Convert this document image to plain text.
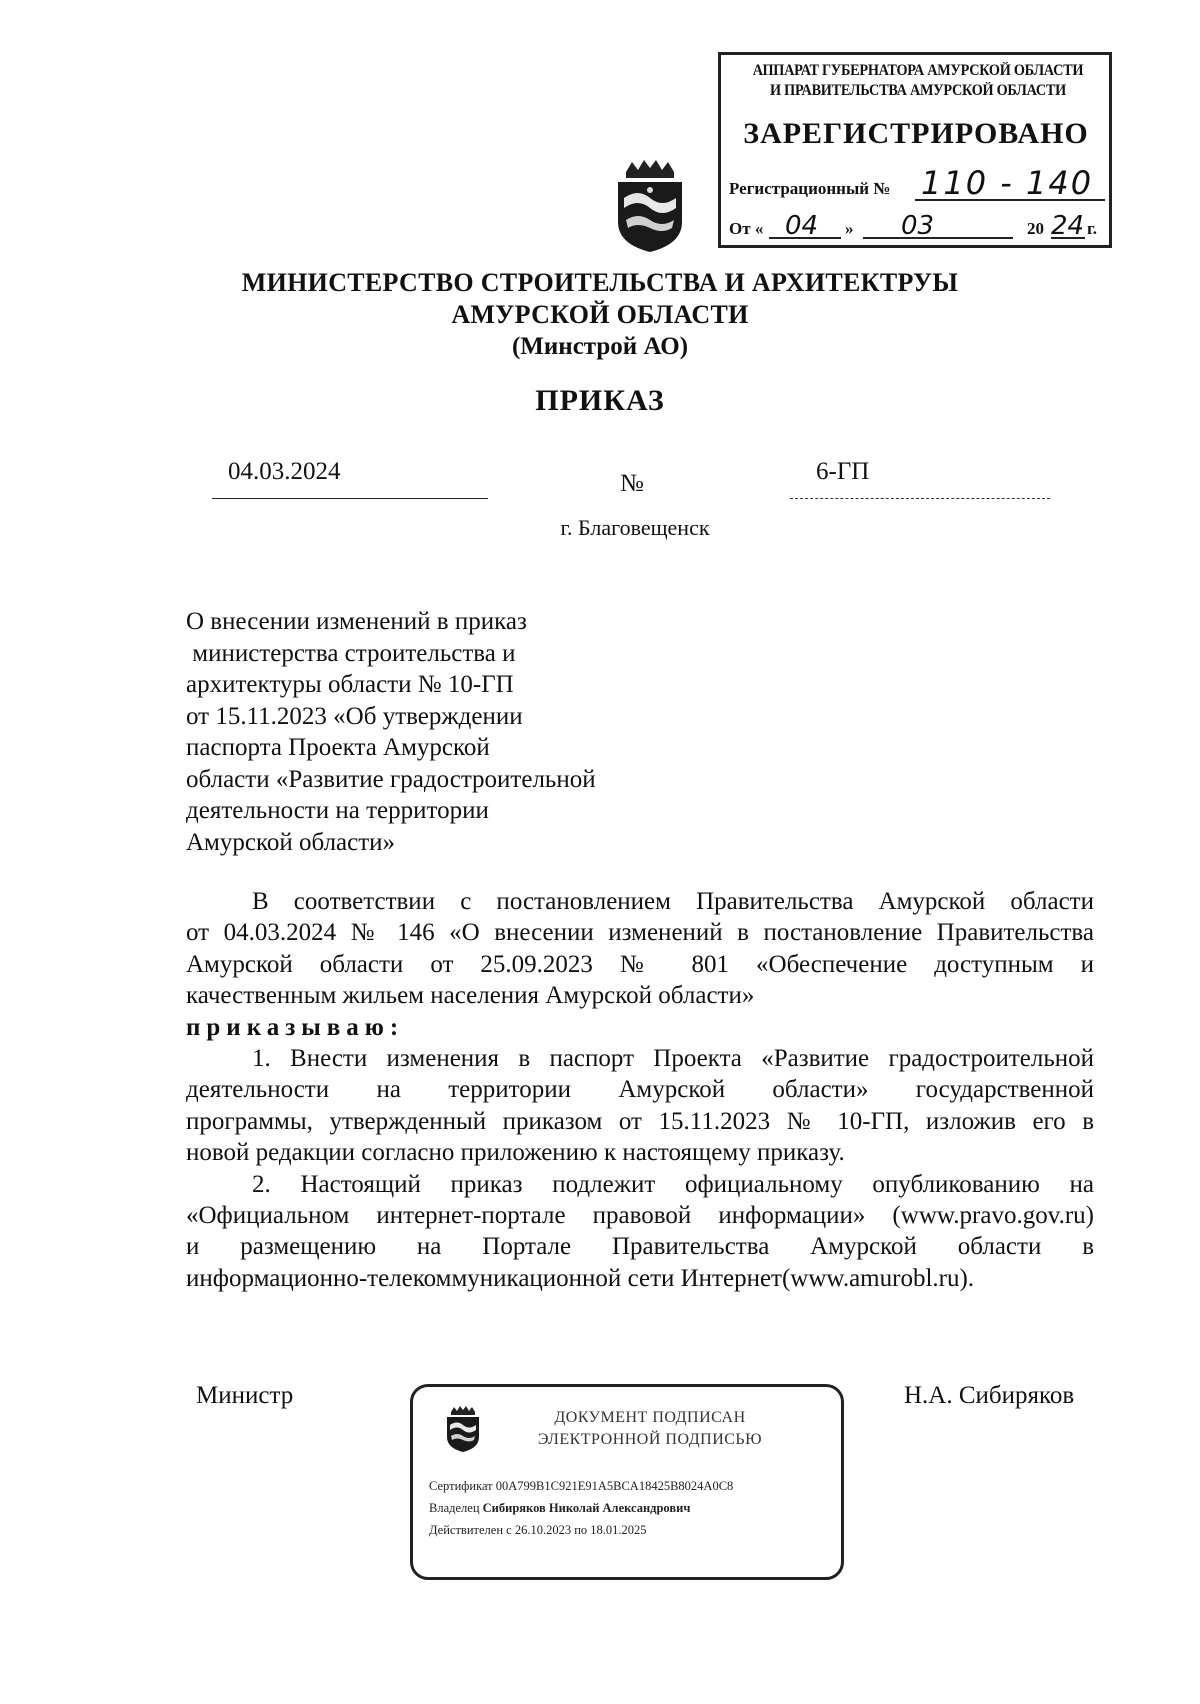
АППАРАТ ГУБЕРНАТОРА АМУРСКОЙ ОБЛАСТИ
И ПРАВИТЕЛЬСТВА АМУРСКОЙ ОБЛАСТИ
ЗАРЕГИСТРИРОВАНО
Регистрационный № 110 - 140
От « 04 » 03	20 24 г.
МИНИСТЕРСТВО СТРОИТЕЛЬСТВА И АРХИТЕКТРУЫ
АМУРСКОЙ ОБЛАСТИ
(Минстрой АО)
ПРИКАЗ
04.03.2024	№	6-ГП
г. Благовещенск
О внесении изменений в приказ
министерства строительства и
архитектуры области № 10-ГП
от 15.11.2023 «Об утверждении
паспорта Проекта Амурской
области «Развитие градостроительной
деятельности на территории
Амурской области»
В соответствии с постановлением Правительства Амурской области
от 04.03.2024 № 146 «О внесении изменений в постановление Правительства
Амурской области от 25.09.2023 № 801 «Обеспечение доступным и
качественным жильем населения Амурской области»
приказываю:
1. Внести изменения в паспорт Проекта «Развитие градостроительной
деятельности на территории Амурской области» государственной
программы, утвержденный приказом от 15.11.2023 № 10-ГП, изложив его в
новой редакции согласно приложению к настоящему приказу.
2. Настоящий приказ подлежит официальному опубликованию на
«Официальном интернет-портале правовой информации» (www.pravo.gov.ru)
и размещению на Портале Правительства Амурской области в
информационно-телекоммуникационной сети Интернет(www.amurobl.ru).
Министр	Н.А. Сибиряков
ДОКУМЕНТ ПОДПИСАН
ЭЛЕКТРОННОЙ ПОДПИСЬЮ
Сертификат 00A799B1C921E91A5BCA18425B8024A0C8
Владелец Сибиряков Николай Александрович
Действителен с 26.10.2023 по 18.01.2025
